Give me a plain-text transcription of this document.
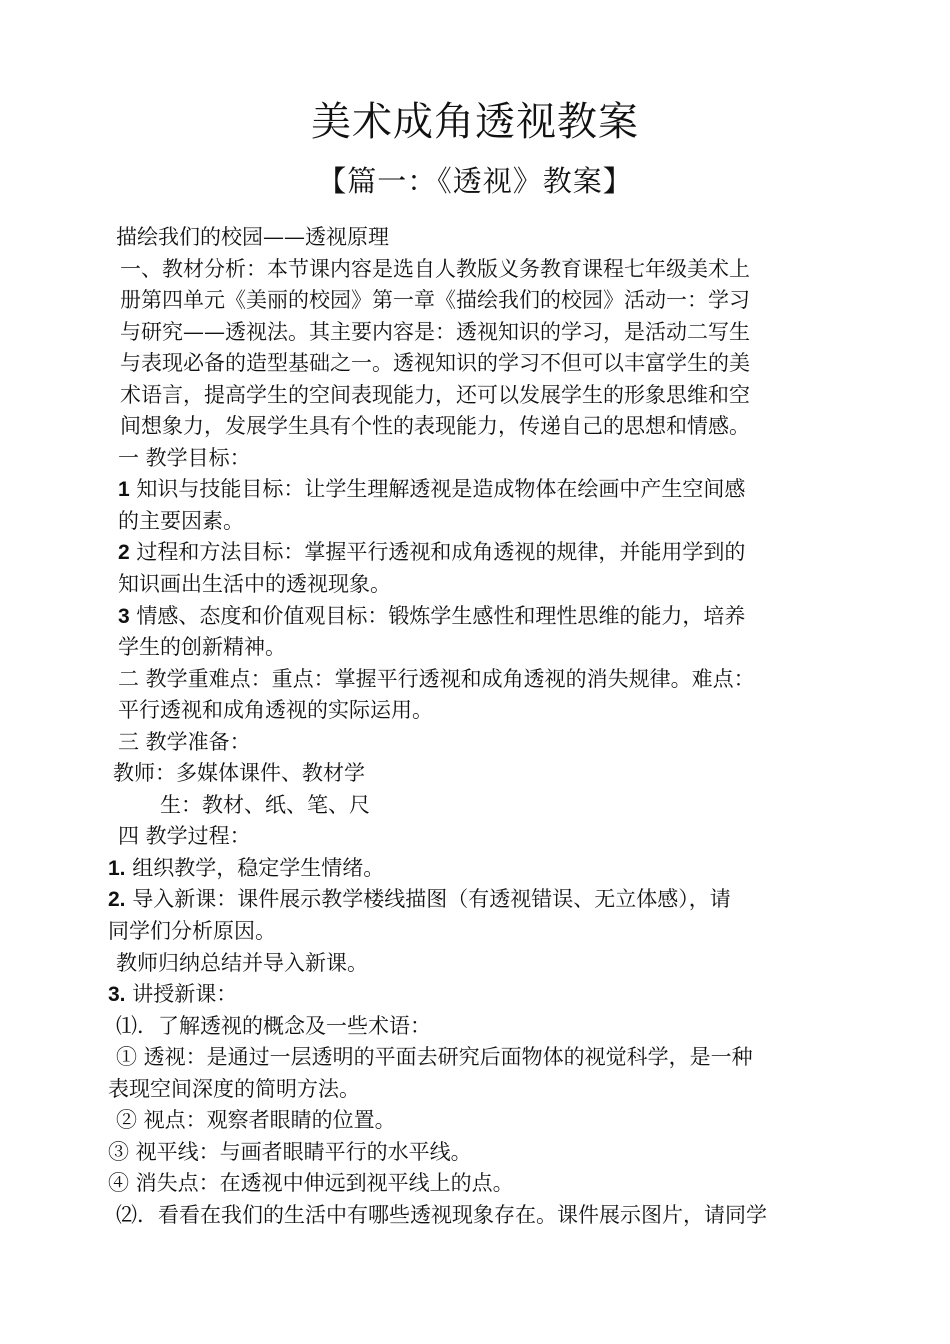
美术成角透视教案
【篇一：《透视》教案】
描绘我们的校园——透视原理
一、教材分析：本节课内容是选自人教版义务教育课程七年级美术上
册第四单元《美丽的校园》第一章《描绘我们的校园》活动一：学习
与研究——透视法。其主要内容是：透视知识的学习，是活动二写生
与表现必备的造型基础之一。透视知识的学习不但可以丰富学生的美
术语言，提高学生的空间表现能力，还可以发展学生的形象思维和空
间想象力，发展学生具有个性的表现能力，传递自己的思想和情感。
一 教学目标：
1 知识与技能目标：让学生理解透视是造成物体在绘画中产生空间感
的主要因素。
2 过程和方法目标：掌握平行透视和成角透视的规律，并能用学到的
知识画出生活中的透视现象。
3 情感、态度和价值观目标：锻炼学生感性和理性思维的能力，培养
学生的创新精神。
二 教学重难点：重点：掌握平行透视和成角透视的消失规律。难点：
平行透视和成角透视的实际运用。
三 教学准备：
教师：多媒体课件、教材学
生：教材、纸、笔、尺
四 教学过程：
1. 组织教学，稳定学生情绪。
2. 导入新课：课件展示教学楼线描图（有透视错误、无立体感），请
同学们分析原因。
教师归纳总结并导入新课。
3. 讲授新课：
⑴．了解透视的概念及一些术语：
① 透视：是通过一层透明的平面去研究后面物体的视觉科学，是一种
表现空间深度的简明方法。
② 视点：观察者眼睛的位置。
③ 视平线：与画者眼睛平行的水平线。
④ 消失点：在透视中伸远到视平线上的点。
⑵．看看在我们的生活中有哪些透视现象存在。课件展示图片，请同学
